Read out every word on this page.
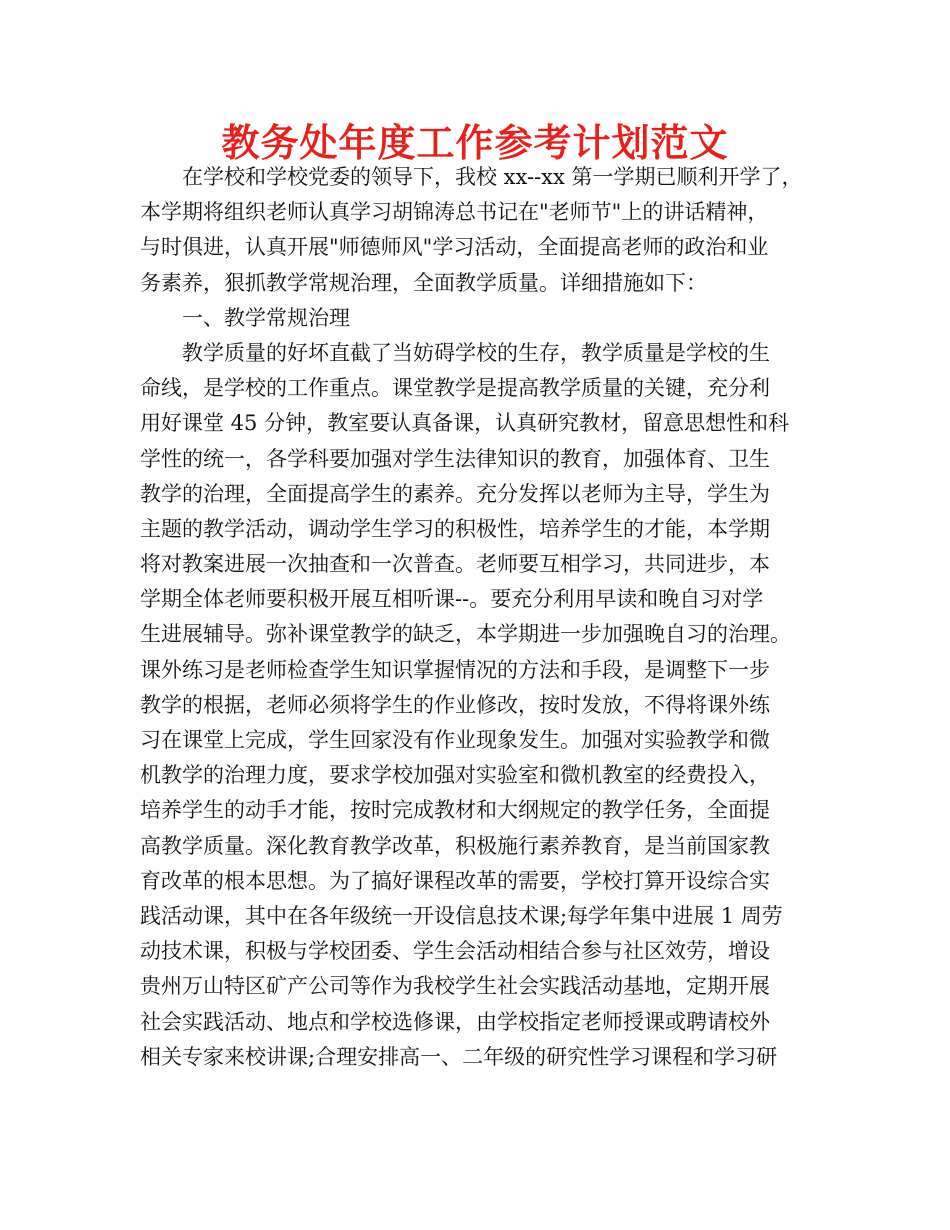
教务处年度工作参考计划范文
在学校和学校党委的领导下，我校 xx--xx 第一学期已顺利开学了，
本学期将组织老师认真学习胡锦涛总书记在"老师节"上的讲话精神，
与时俱进，认真开展"师德师风"学习活动，全面提高老师的政治和业
务素养，狠抓教学常规治理，全面教学质量。详细措施如下：
一、教学常规治理
教学质量的好坏直截了当妨碍学校的生存，教学质量是学校的生
命线，是学校的工作重点。课堂教学是提高教学质量的关键，充分利
用好课堂 45 分钟，教室要认真备课，认真研究教材，留意思想性和科
学性的统一，各学科要加强对学生法律知识的教育，加强体育、卫生
教学的治理，全面提高学生的素养。充分发挥以老师为主导，学生为
主题的教学活动，调动学生学习的积极性，培养学生的才能，本学期
将对教案进展一次抽查和一次普查。老师要互相学习，共同进步，本
学期全体老师要积极开展互相听课--。要充分利用早读和晚自习对学
生进展辅导。弥补课堂教学的缺乏，本学期进一步加强晚自习的治理。
课外练习是老师检查学生知识掌握情况的方法和手段，是调整下一步
教学的根据，老师必须将学生的作业修改，按时发放，不得将课外练
习在课堂上完成，学生回家没有作业现象发生。加强对实验教学和微
机教学的治理力度，要求学校加强对实验室和微机教室的经费投入，
培养学生的动手才能，按时完成教材和大纲规定的教学任务，全面提
高教学质量。深化教育教学改革，积极施行素养教育，是当前国家教
育改革的根本思想。为了搞好课程改革的需要，学校打算开设综合实
践活动课，其中在各年级统一开设信息技术课;每学年集中进展 1 周劳
动技术课，积极与学校团委、学生会活动相结合参与社区效劳，增设
贵州万山特区矿产公司等作为我校学生社会实践活动基地，定期开展
社会实践活动、地点和学校选修课，由学校指定老师授课或聘请校外
相关专家来校讲课;合理安排高一、二年级的研究性学习课程和学习研
